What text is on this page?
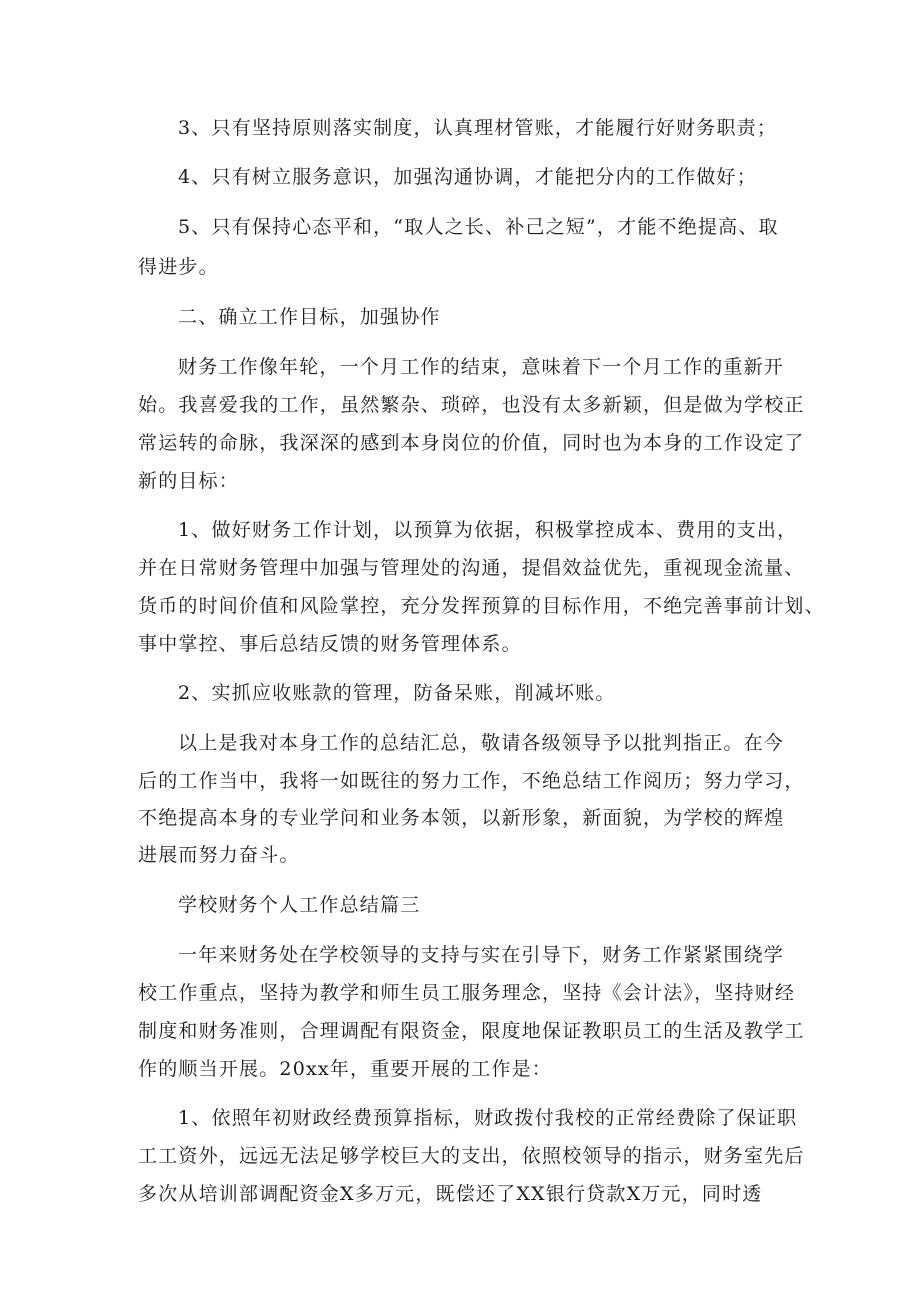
3、只有坚持原则落实制度，认真理材管账，才能履行好财务职责；
4、只有树立服务意识，加强沟通协调，才能把分内的工作做好；
5、只有保持心态平和，“取人之长、补己之短”，才能不绝提高、取
得进步。
二、确立工作目标，加强协作
财务工作像年轮，一个月工作的结束，意味着下一个月工作的重新开
始。我喜爱我的工作，虽然繁杂、琐碎，也没有太多新颖，但是做为学校正
常运转的命脉，我深深的感到本身岗位的价值，同时也为本身的工作设定了
新的目标：
1、做好财务工作计划，以预算为依据，积极掌控成本、费用的支出，
并在日常财务管理中加强与管理处的沟通，提倡效益优先，重视现金流量、
货币的时间价值和风险掌控，充分发挥预算的目标作用，不绝完善事前计划、
事中掌控、事后总结反馈的财务管理体系。
2、实抓应收账款的管理，防备呆账，削减坏账。
以上是我对本身工作的总结汇总，敬请各级领导予以批判指正。在今
后的工作当中，我将一如既往的努力工作，不绝总结工作阅历；努力学习，
不绝提高本身的专业学问和业务本领，以新形象，新面貌，为学校的辉煌
进展而努力奋斗。
学校财务个人工作总结篇三
一年来财务处在学校领导的支持与实在引导下，财务工作紧紧围绕学
校工作重点，坚持为教学和师生员工服务理念，坚持《会计法》，坚持财经
制度和财务准则，合理调配有限资金，限度地保证教职员工的生活及教学工
作的顺当开展。20xx年，重要开展的工作是：
1、依照年初财政经费预算指标，财政拨付我校的正常经费除了保证职
工工资外，远远无法足够学校巨大的支出，依照校领导的指示，财务室先后
多次从培训部调配资金X多万元，既偿还了XX银行贷款X万元，同时透
